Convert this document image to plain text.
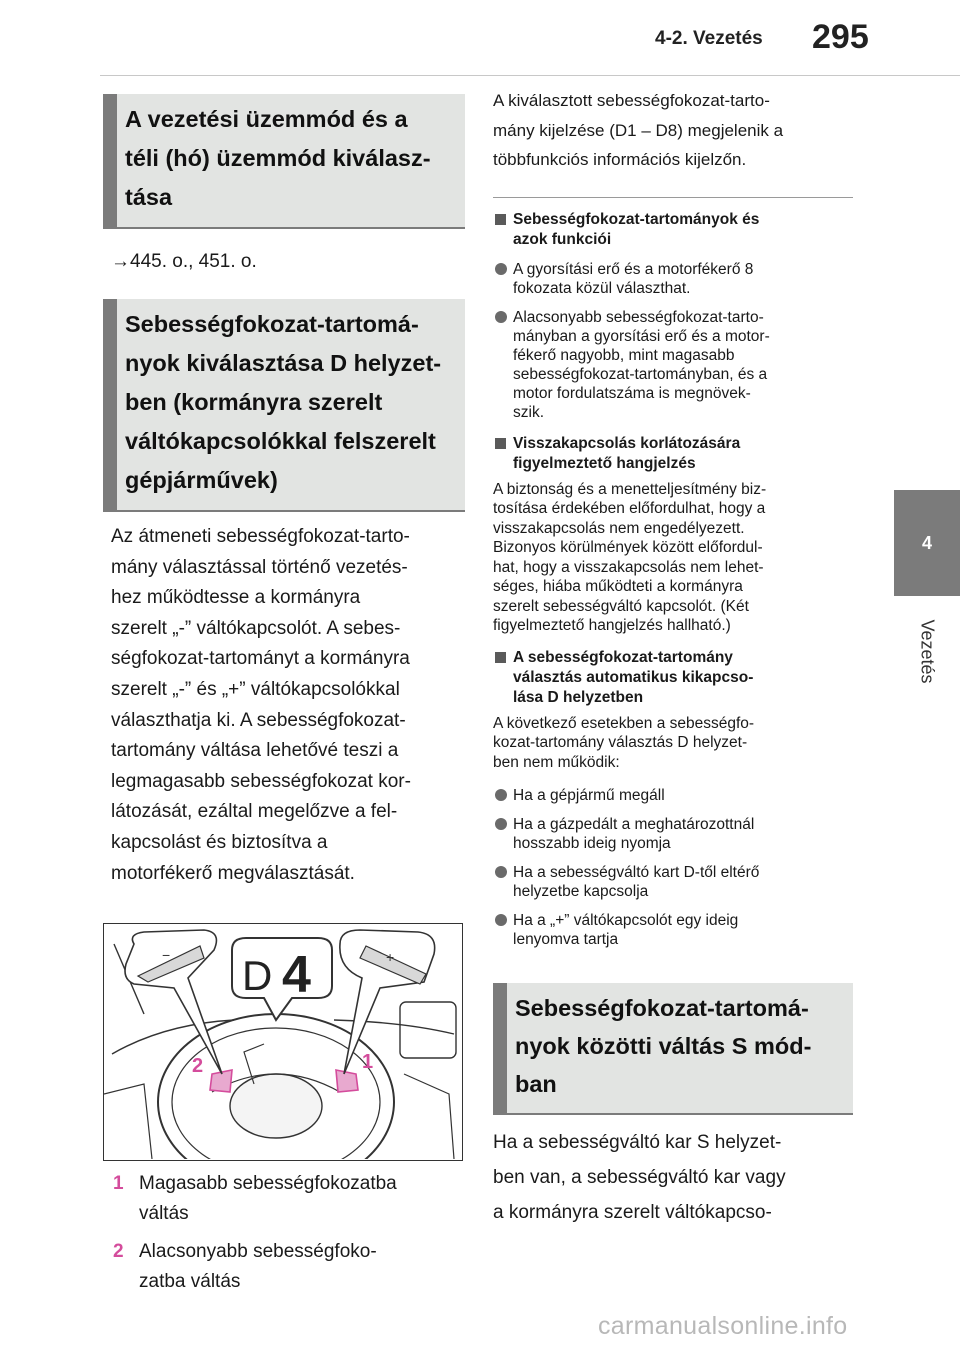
4-2. Vezetés 295
4
Vezetés
A vezetési üzemmód és a
téli (hó) üzemmód kiválasz-
tása
→445. o., 451. o.
Sebességfokozat-tartomá-
nyok kiválasztása D helyzet-
ben (kormányra szerelt
váltókapcsolókkal felszerelt
gépjárművek)
Az átmeneti sebességfokozat-tarto-
mány választással történő vezetés-
hez működtesse a kormányra
szerelt „-” váltókapcsolót. A sebes-
ségfokozat-tartományt a kormányra
szerelt „-” és „+” váltókapcsolókkal
választhatja ki. A sebességfokozat-
tartomány váltása lehetővé teszi a
legmagasabb sebességfokozat kor-
látozását, ezáltal megelőzve a fel-
kapcsolást és biztosítva a
motorfékerő megválasztását.
2	1
−	+
D 4
1 Magasabb sebességfokozatba
váltás
2 Alacsonyabb sebességfoko-
zatba váltás
A kiválasztott sebességfokozat-tarto-
mány kijelzése (D1 – D8) megjelenik a
többfunkciós információs kijelzőn.
Sebességfokozat-tartományok és
azok funkciói
A gyorsítási erő és a motorfékerő 8
fokozata közül választhat.
Alacsonyabb sebességfokozat-tarto-
mányban a gyorsítási erő és a motor-
fékerő nagyobb, mint magasabb
sebességfokozat-tartományban, és a
motor fordulatszáma is megnövek-
szik.
Visszakapcsolás korlátozására
figyelmeztető hangjelzés
A biztonság és a menetteljesítmény biz-
tosítása érdekében előfordulhat, hogy a
visszakapcsolás nem engedélyezett.
Bizonyos körülmények között előfordul-
hat, hogy a visszakapcsolás nem lehet-
séges, hiába működteti a kormányra
szerelt sebességváltó kapcsolót. (Két
figyelmeztető hangjelzés hallható.)
A sebességfokozat-tartomány
választás automatikus kikapcso-
lása D helyzetben
A következő esetekben a sebességfo-
kozat-tartomány választás D helyzet-
ben nem működik:
Ha a gépjármű megáll
Ha a gázpedált a meghatározottnál
hosszabb ideig nyomja
Ha a sebességváltó kart D-től eltérő
helyzetbe kapcsolja
Ha a „+” váltókapcsolót egy ideig
lenyomva tartja
Sebességfokozat-tartomá-
nyok közötti váltás S mód-
ban
Ha a sebességváltó kar S helyzet-
ben van, a sebességváltó kar vagy
a kormányra szerelt váltókapcso-
carmanualsonline.info
